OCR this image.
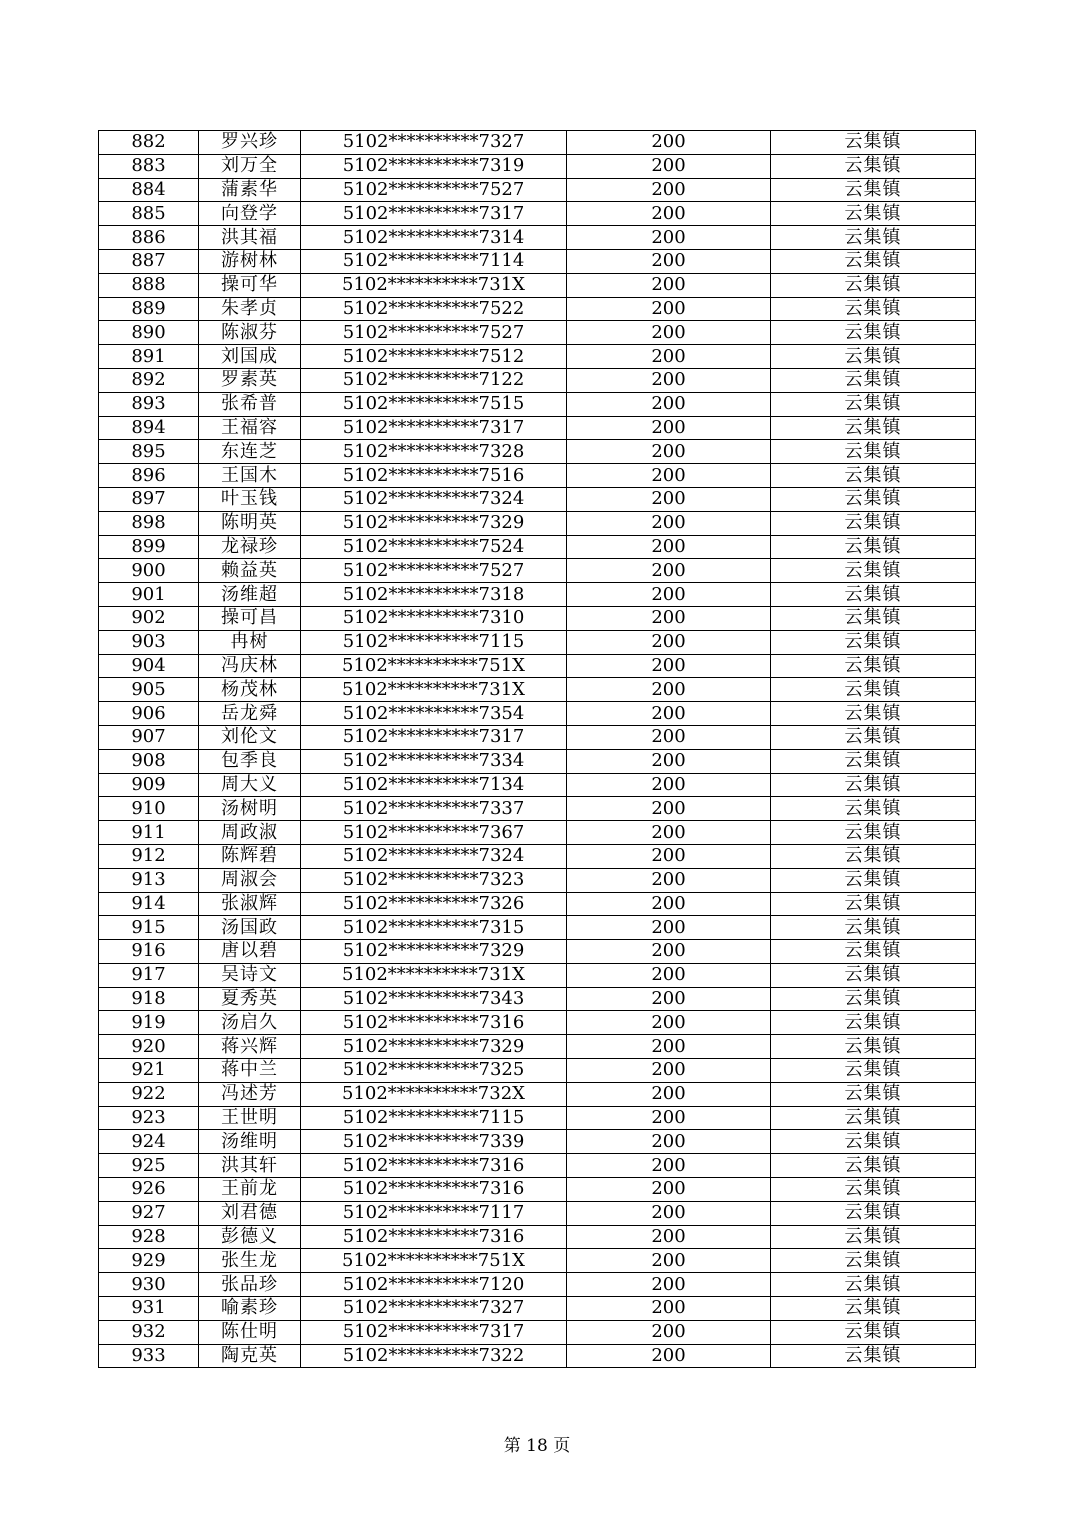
882	罗兴珍	5102**********7327	200	云集镇
883	刘万全	5102**********7319	200	云集镇
884	蒲素华	5102**********7527	200	云集镇
885	向登学	5102**********7317	200	云集镇
886	洪其福	5102**********7314	200	云集镇
887	游树林	5102**********7114	200	云集镇
888	操可华	5102**********731X	200	云集镇
889	朱孝贞	5102**********7522	200	云集镇
890	陈淑芬	5102**********7527	200	云集镇
891	刘国成	5102**********7512	200	云集镇
892	罗素英	5102**********7122	200	云集镇
893	张希普	5102**********7515	200	云集镇
894	王福容	5102**********7317	200	云集镇
895	东连芝	5102**********7328	200	云集镇
896	王国木	5102**********7516	200	云集镇
897	叶玉钱	5102**********7324	200	云集镇
898	陈明英	5102**********7329	200	云集镇
899	龙禄珍	5102**********7524	200	云集镇
900	赖益英	5102**********7527	200	云集镇
901	汤维超	5102**********7318	200	云集镇
902	操可昌	5102**********7310	200	云集镇
903	冉树	5102**********7115	200	云集镇
904	冯庆林	5102**********751X	200	云集镇
905	杨茂林	5102**********731X	200	云集镇
906	岳龙舜	5102**********7354	200	云集镇
907	刘伦文	5102**********7317	200	云集镇
908	包季良	5102**********7334	200	云集镇
909	周大义	5102**********7134	200	云集镇
910	汤树明	5102**********7337	200	云集镇
911	周政淑	5102**********7367	200	云集镇
912	陈辉碧	5102**********7324	200	云集镇
913	周淑会	5102**********7323	200	云集镇
914	张淑辉	5102**********7326	200	云集镇
915	汤国政	5102**********7315	200	云集镇
916	唐以碧	5102**********7329	200	云集镇
917	吴诗文	5102**********731X	200	云集镇
918	夏秀英	5102**********7343	200	云集镇
919	汤启久	5102**********7316	200	云集镇
920	蒋兴辉	5102**********7329	200	云集镇
921	蒋中兰	5102**********7325	200	云集镇
922	冯述芳	5102**********732X	200	云集镇
923	王世明	5102**********7115	200	云集镇
924	汤维明	5102**********7339	200	云集镇
925	洪其轩	5102**********7316	200	云集镇
926	王前龙	5102**********7316	200	云集镇
927	刘君德	5102**********7117	200	云集镇
928	彭德义	5102**********7316	200	云集镇
929	张生龙	5102**********751X	200	云集镇
930	张品珍	5102**********7120	200	云集镇
931	喻素珍	5102**********7327	200	云集镇
932	陈仕明	5102**********7317	200	云集镇
933	陶克英	5102**********7322	200	云集镇
第 18 页
